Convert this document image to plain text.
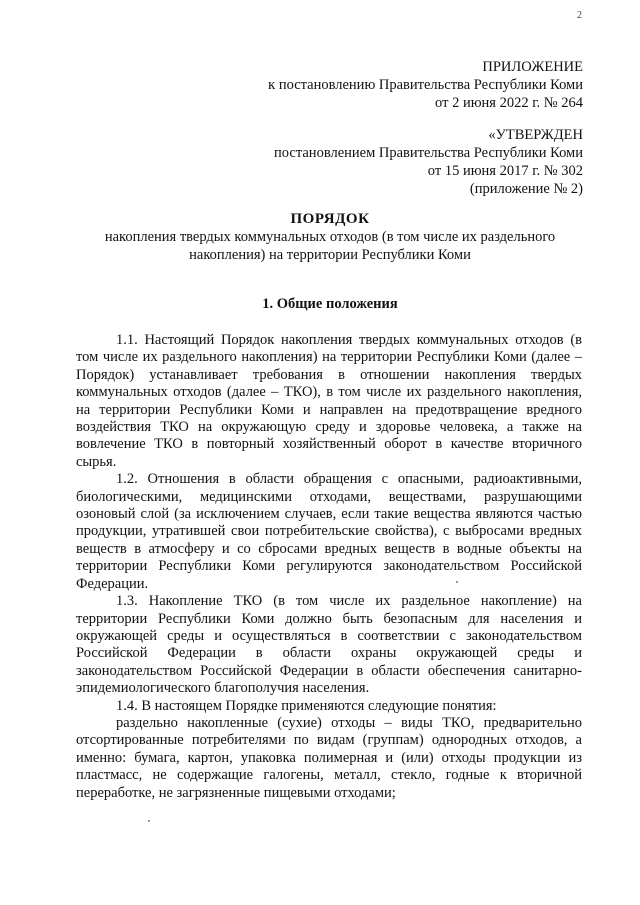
2
ПРИЛОЖЕНИЕ
к постановлению Правительства Республики Коми
от 2 июня 2022 г. № 264
«УТВЕРЖДЕН
постановлением Правительства Республики Коми
от 15 июня 2017 г. № 302
(приложение № 2)
ПОРЯДОК
накопления твердых коммунальных отходов (в том числе их раздельного накопления) на территории Республики Коми
1. Общие положения

1.1. Настоящий Порядок накопления твердых коммунальных отходов (в том числе их раздельного накопления) на территории Республики Коми (далее – Порядок) устанавливает требования в отношении накопления твердых коммунальных отходов (далее – ТКО), в том числе их раздельного накопления, на территории Республики Коми и направлен на предотвращение вредного воздействия ТКО на окружающую среду и здоровье человека, а также на вовлечение ТКО в повторный хозяйственный оборот в качестве вторичного сырья.

1.2. Отношения в области обращения с опасными, радиоактивными, биологическими, медицинскими отходами, веществами, разрушающими озоновый слой (за исключением случаев, если такие вещества являются частью продукции, утратившей свои потребительские свойства), с выбросами вредных веществ в атмосферу и со сбросами вредных веществ в водные объекты на территории Республики Коми регулируются законодательством Российской Федерации.

1.3. Накопление ТКО (в том числе их раздельное накопление) на территории Республики Коми должно быть безопасным для населения и окружающей среды и осуществляться в соответствии с законодательством Российской Федерации в области охраны окружающей среды и законодательством Российской Федерации в области обеспечения санитарно-эпидемиологического благополучия населения.

1.4. В настоящем Порядке применяются следующие понятия:

раздельно накопленные (сухие) отходы – виды ТКО, предварительно отсортированные потребителями по видам (группам) однородных отходов, а именно: бумага, картон, упаковка полимерная и (или) отходы продукции из пластмасс, не содержащие галогены, металл, стекло, годные к вторичной переработке, не загрязненные пищевыми отходами;
